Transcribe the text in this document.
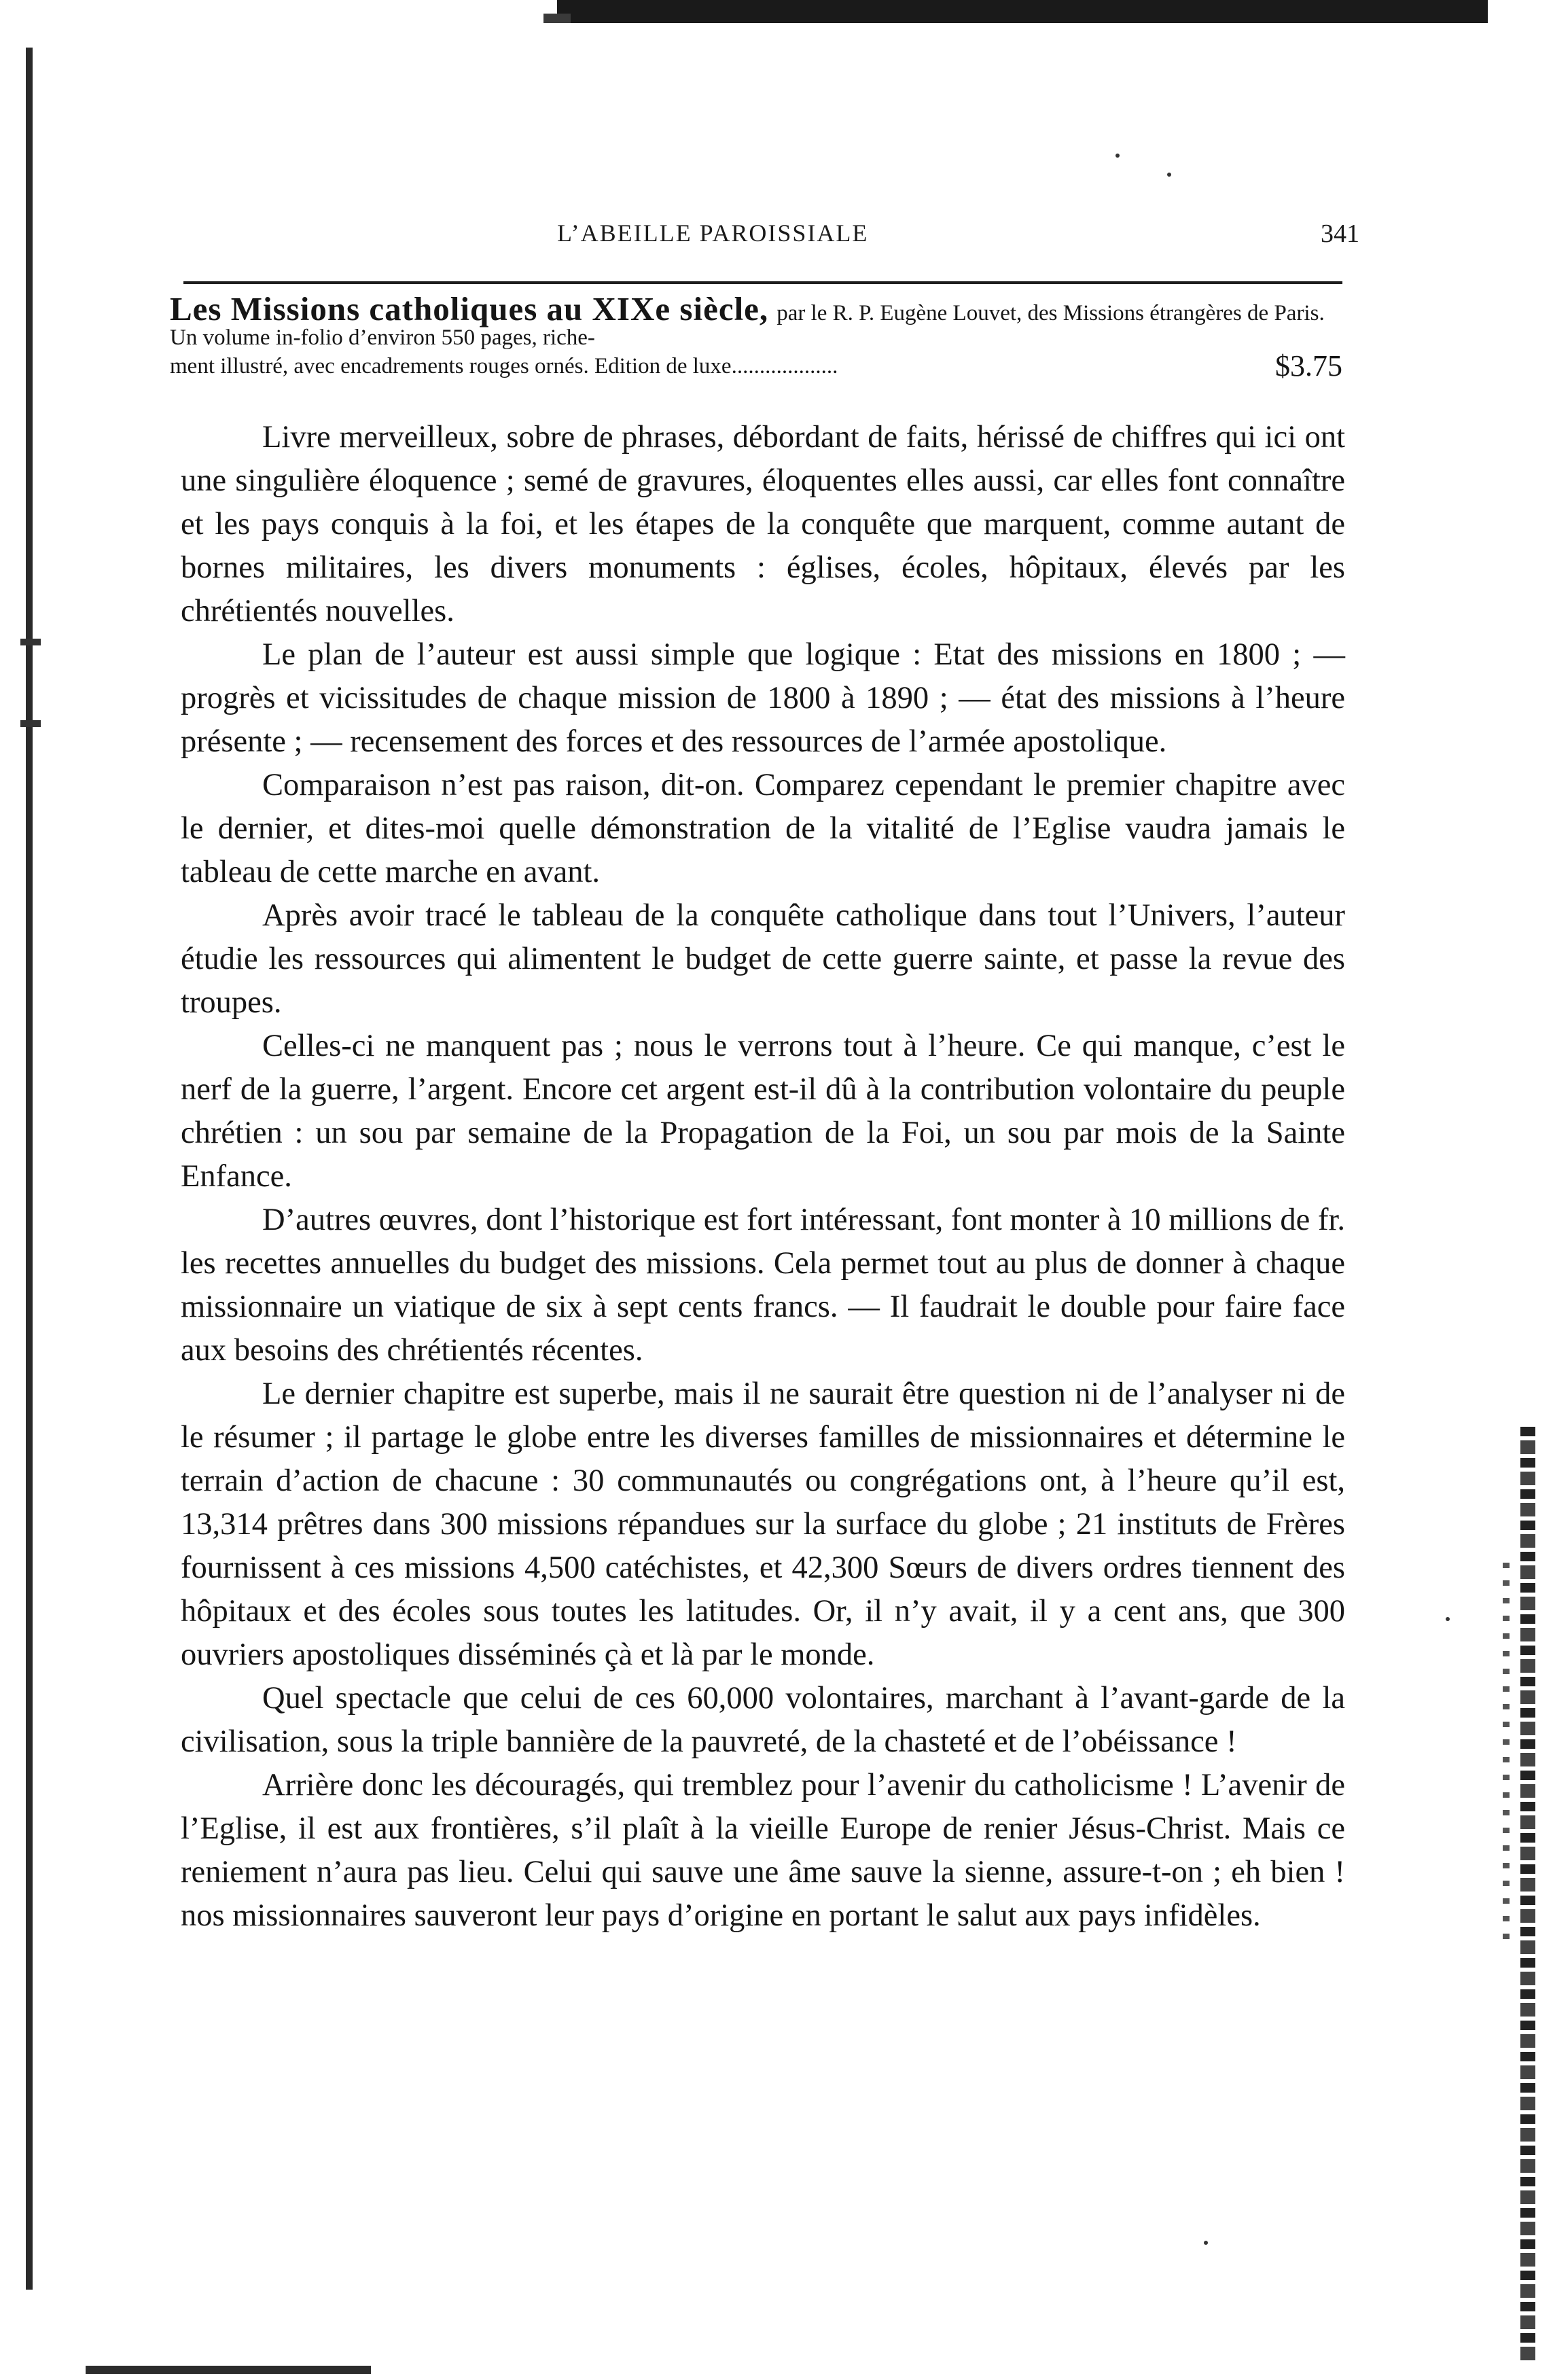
L’ABEILLE PAROISSIALE	341
Les Missions catholiques au XIXe siècle, par le R. P. Eugène Louvet, des Missions étrangères de Paris.
Un volume in-folio d’environ 550 pages, riche-
ment illustré, avec encadrements rouges ornés. Edition de luxe...................	$3.75

Livre merveilleux, sobre de phrases, débordant de faits, hérissé de chiffres qui ici ont une singulière éloquence ; semé de gravures, éloquentes elles aussi, car elles font connaître et les pays conquis à la foi, et les étapes de la conquête que marquent, comme autant de bornes militaires, les divers monuments : églises, écoles, hôpitaux, élevés par les chrétientés nouvelles.

Le plan de l’auteur est aussi simple que logique : Etat des missions en 1800 ; — progrès et vicissitudes de chaque mission de 1800 à 1890 ; — état des missions à l’heure présente ; — recensement des forces et des ressources de l’armée apostolique.

Comparaison n’est pas raison, dit-on. Comparez cependant le premier chapitre avec le dernier, et dites-moi quelle démonstration de la vitalité de l’Eglise vaudra jamais le tableau de cette marche en avant.

Après avoir tracé le tableau de la conquête catholique dans tout l’Univers, l’auteur étudie les ressources qui alimentent le budget de cette guerre sainte, et passe la revue des troupes.

Celles-ci ne manquent pas ; nous le verrons tout à l’heure. Ce qui manque, c’est le nerf de la guerre, l’argent. Encore cet argent est-il dû à la contribution volontaire du peuple chrétien : un sou par semaine de la Propagation de la Foi, un sou par mois de la Sainte Enfance.

D’autres œuvres, dont l’historique est fort intéressant, font monter à 10 millions de fr. les recettes annuelles du budget des missions. Cela permet tout au plus de donner à chaque missionnaire un viatique de six à sept cents francs. — Il faudrait le double pour faire face aux besoins des chrétientés récentes.

Le dernier chapitre est superbe, mais il ne saurait être question ni de l’analyser ni de le résumer ; il partage le globe entre les diverses familles de missionnaires et détermine le terrain d’action de chacune : 30 communautés ou congrégations ont, à l’heure qu’il est, 13,314 prêtres dans 300 missions répandues sur la surface du globe ; 21 instituts de Frères fournissent à ces missions 4,500 catéchistes, et 42,300 Sœurs de divers ordres tiennent des hôpitaux et des écoles sous toutes les latitudes. Or, il n’y avait, il y a cent ans, que 300 ouvriers apostoliques disséminés çà et là par le monde.

Quel spectacle que celui de ces 60,000 volontaires, marchant à l’avant-garde de la civilisation, sous la triple bannière de la pauvreté, de la chasteté et de l’obéissance !

Arrière donc les découragés, qui tremblez pour l’avenir du catholicisme ! L’avenir de l’Eglise, il est aux frontières, s’il plaît à la vieille Europe de renier Jésus-Christ. Mais ce reniement n’aura pas lieu. Celui qui sauve une âme sauve la sienne, assure-t-on ; eh bien ! nos missionnaires sauveront leur pays d’origine en portant le salut aux pays infidèles.
